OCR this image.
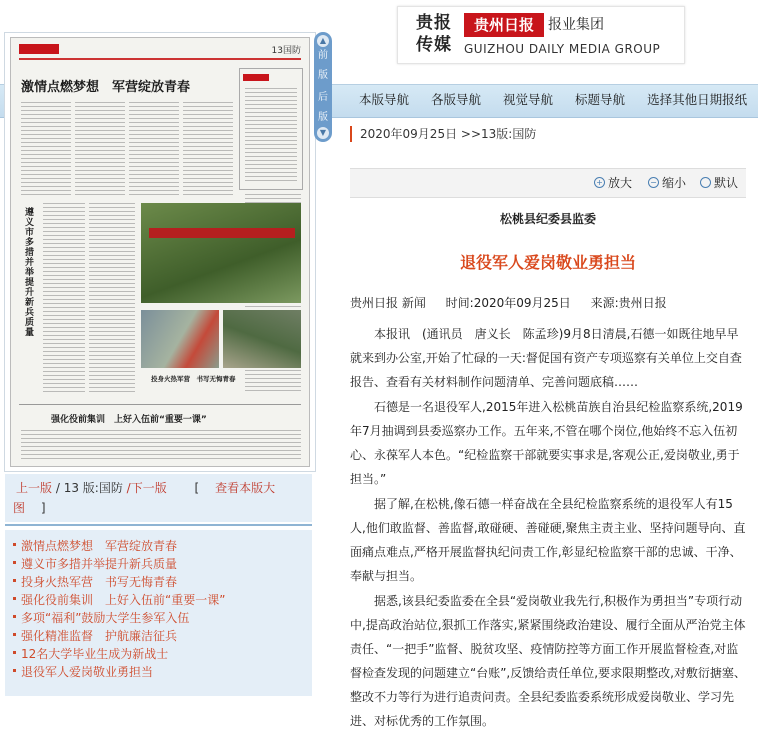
贵报
传媒
贵州日报	报业集团
GUIZHOU DAILY MEDIA GROUP
本版导航	各版导航	视觉导航	标题导航	选择其他日期报纸
13国防
激情点燃梦想　军营绽放青春
遵义市多措并举提升新兵质量
投身火热军营　书写无悔青春
强化役前集训　上好入伍前“重要一课”
▲
前
版
后
版
▼
上一版 / 13 版:国防 /下一版 　　[　 查看本版大
图 　]
激情点燃梦想　军营绽放青春
遵义市多措并举提升新兵质量
投身火热军营　书写无悔青春
强化役前集训　上好入伍前“重要一课”
多项“福利”鼓励大学生参军入伍
强化精准监督　护航廉洁征兵
12名大学毕业生成为新战士
退役军人爱岗敬业勇担当
2020年09月25日 >>13版:国防
+ 放大 − 缩小	默认
松桃县纪委县监委
退役军人爱岗敬业勇担当
贵州日报 新闻 时间:2020年09月25日 来源:贵州日报

本报讯　(通讯员　唐义长　陈孟珍)9月8日清晨,石德一如既往地早早就来到办公室,开始了忙碌的一天:督促国有资产专项巡察有关单位上交自查报告、查看有关材料制作问题清单、完善问题底稿……

石德是一名退役军人,2015年进入松桃苗族自治县纪检监察系统,2019年7月抽调到县委巡察办工作。五年来,不管在哪个岗位,他始终不忘入伍初心、永葆军人本色。“纪检监察干部就要实事求是,客观公正,爱岗敬业,勇于担当。”

据了解,在松桃,像石德一样奋战在全县纪检监察系统的退役军人有15人,他们敢监督、善监督,敢碰硬、善碰硬,聚焦主责主业、坚持问题导向、直面痛点难点,严格开展监督执纪问责工作,彰显纪检监察干部的忠诚、干净、奉献与担当。

据悉,该县纪委监委在全县“爱岗敬业我先行,积极作为勇担当”专项行动中,提高政治站位,狠抓工作落实,紧紧围绕政治建设、履行全面从严治党主体责任、“一把手”监督、脱贫攻坚、疫情防控等方面工作开展监督检查,对监督检查发现的问题建立“台账”,反馈给责任单位,要求限期整改,对敷衍搪塞、整改不力等行为进行追责问责。全县纪委监委系统形成爱岗敬业、学习先进、对标优秀的工作氛围。
